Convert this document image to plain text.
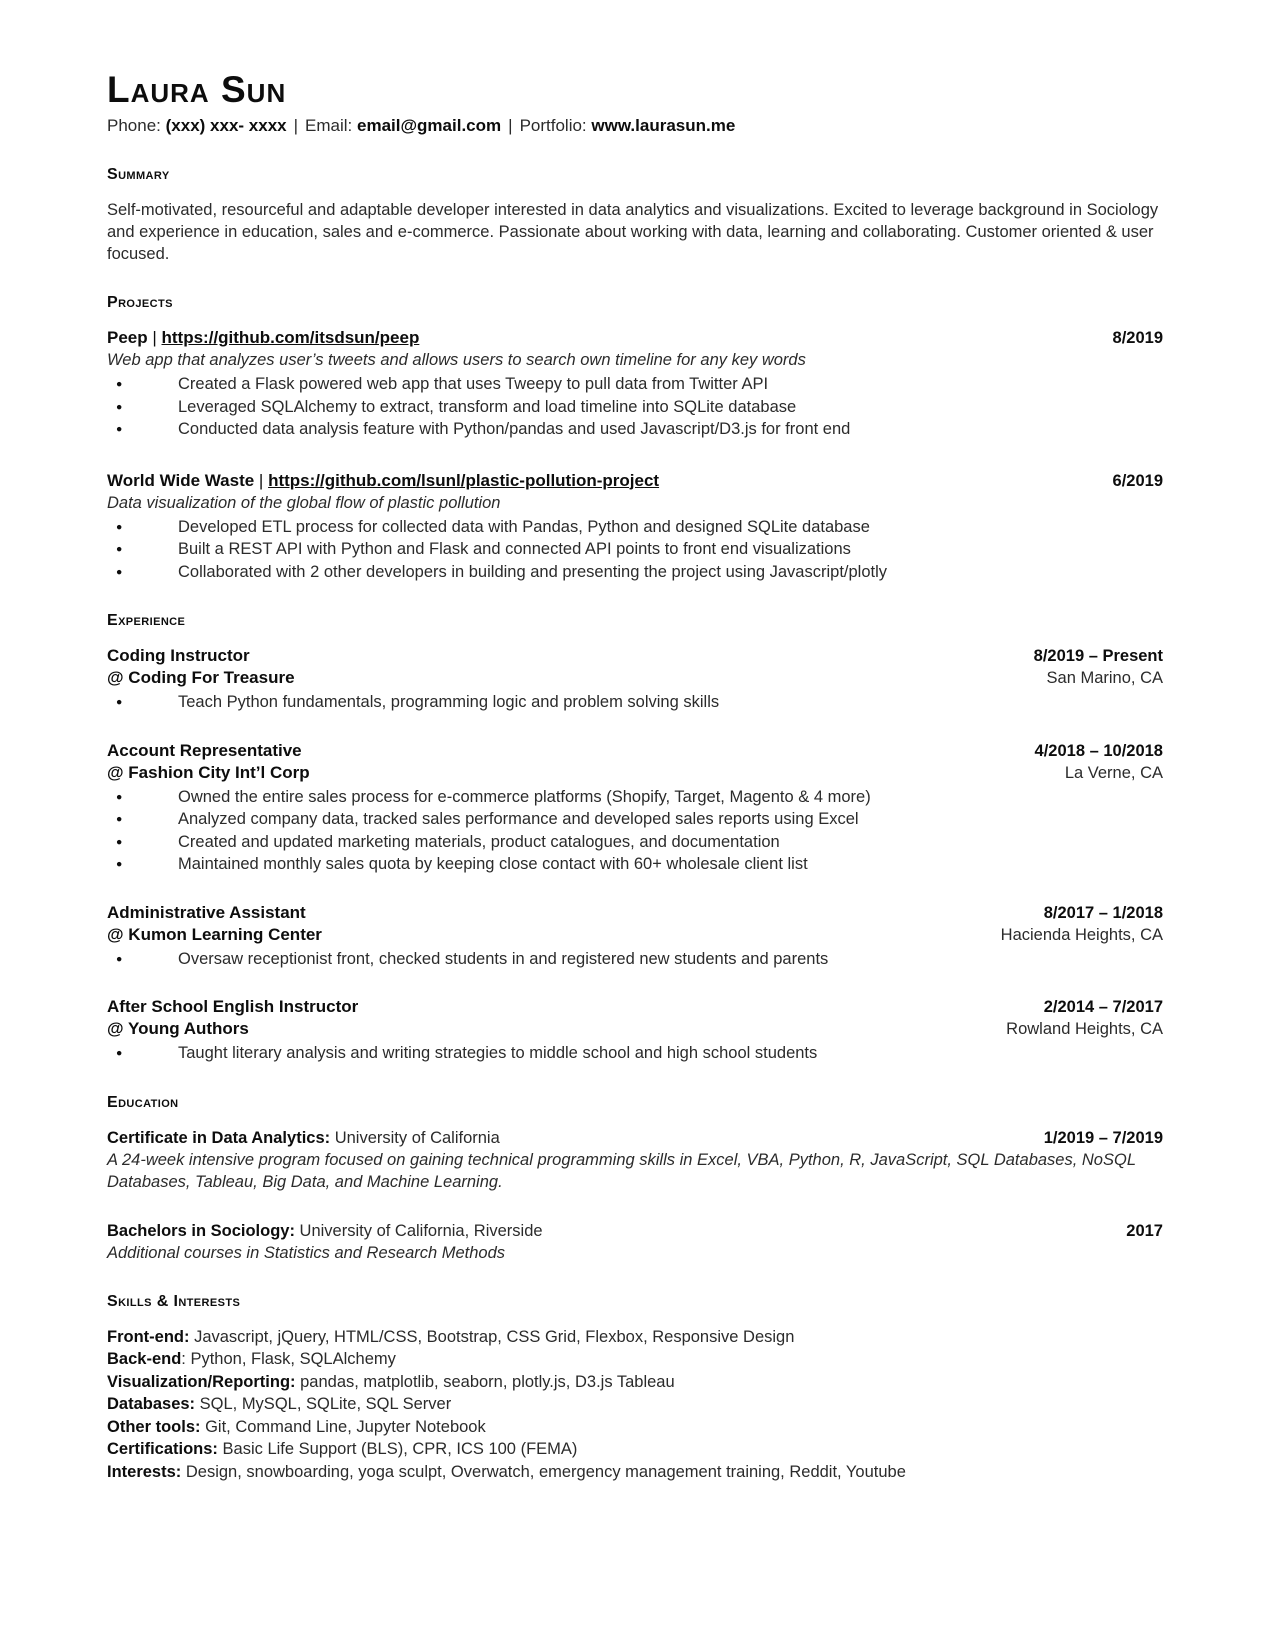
Laura Sun
Phone: (xxx) xxx- xxxx | Email: email@gmail.com | Portfolio: www.laurasun.me
Summary
Self-motivated, resourceful and adaptable developer interested in data analytics and visualizations. Excited to leverage background in Sociology and experience in education, sales and e-commerce. Passionate about working with data, learning and collaborating. Customer oriented & user focused.
Projects
Peep | https://github.com/itsdsun/peep	8/2019
Web app that analyzes user’s tweets and allows users to search own timeline for any key words
● Created a Flask powered web app that uses Tweepy to pull data from Twitter API
● Leveraged SQLAlchemy to extract, transform and load timeline into SQLite database
● Conducted data analysis feature with Python/pandas and used Javascript/D3.js for front end
World Wide Waste | https://github.com/lsunl/plastic-pollution-project	6/2019
Data visualization of the global flow of plastic pollution
● Developed ETL process for collected data with Pandas, Python and designed SQLite database
● Built a REST API with Python and Flask and connected API points to front end visualizations
● Collaborated with 2 other developers in building and presenting the project using Javascript/plotly
Experience
Coding Instructor	8/2019 – Present
@ Coding For Treasure	San Marino, CA
● Teach Python fundamentals, programming logic and problem solving skills
Account Representative	4/2018 – 10/2018
@ Fashion City Int’l Corp	La Verne, CA
● Owned the entire sales process for e-commerce platforms (Shopify, Target, Magento & 4 more)
● Analyzed company data, tracked sales performance and developed sales reports using Excel
● Created and updated marketing materials, product catalogues, and documentation
● Maintained monthly sales quota by keeping close contact with 60+ wholesale client list
Administrative Assistant	8/2017 – 1/2018
@ Kumon Learning Center	Hacienda Heights, CA
● Oversaw receptionist front, checked students in and registered new students and parents
After School English Instructor	2/2014 – 7/2017
@ Young Authors	Rowland Heights, CA
● Taught literary analysis and writing strategies to middle school and high school students
Education
Certificate in Data Analytics: University of California	1/2019 – 7/2019
A 24-week intensive program focused on gaining technical programming skills in Excel, VBA, Python, R, JavaScript, SQL Databases, NoSQL Databases, Tableau, Big Data, and Machine Learning.
Bachelors in Sociology: University of California, Riverside	2017
Additional courses in Statistics and Research Methods
Skills & Interests
Front-end: Javascript, jQuery, HTML/CSS, Bootstrap, CSS Grid, Flexbox, Responsive Design
Back-end: Python, Flask, SQLAlchemy
Visualization/Reporting: pandas, matplotlib, seaborn, plotly.js, D3.js Tableau
Databases: SQL, MySQL, SQLite, SQL Server
Other tools: Git, Command Line, Jupyter Notebook
Certifications: Basic Life Support (BLS), CPR, ICS 100 (FEMA)
Interests: Design, snowboarding, yoga sculpt, Overwatch, emergency management training, Reddit, Youtube
